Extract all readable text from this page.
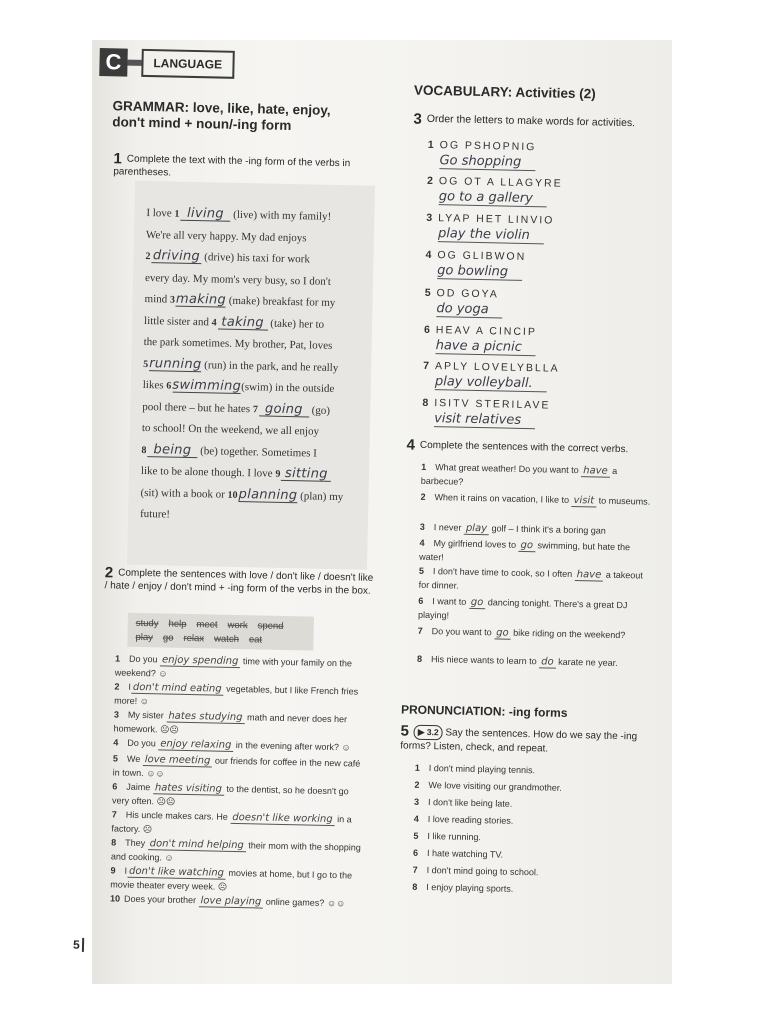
C	LANGUAGE
GRAMMAR: love, like, hate, enjoy,
don't mind + noun/-ing form
1 Complete the text with the -ing form of the verbs in parentheses.
I love 1 living (live) with my family!
We're all very happy. My dad enjoys
2 driving (drive) his taxi for work
every day. My mom's very busy, so I don't
mind 3making (make) breakfast for my
little sister and 4 taking (take) her to
the park sometimes. My brother, Pat, loves
5running (run) in the park, and he really
likes 6swimming(swim) in the outside
pool there – but he hates 7 going (go)
to school! On the weekend, we all enjoy
8 being (be) together. Sometimes I
like to be alone though. I love 9 sitting
(sit) with a book or 10planning (plan) my
future!
2 Complete the sentences with love / don't like / doesn't like / hate / enjoy / don't mind + -ing form of the verbs in the box.
study help meet work spend
play go relax watch eat
1 Do you enjoy spending time with your family on the weekend? ☺
2 I don't mind eating vegetables, but I like French fries more! ☺
3 My sister hates studying math and never does her homework. ☹☹
4 Do you enjoy relaxing in the evening after work? ☺
5 We love meeting our friends for coffee in the new café in town. ☺☺
6 Jaime hates visiting to the dentist, so he doesn't go very often. ☹☹
7 His uncle makes cars. He doesn't like working in a factory. ☹
8 They don't mind helping their mom with the shopping and cooking. ☺
9 I don't like watching movies at home, but I go to the movie theater every week. ☹
10 Does your brother love playing online games? ☺☺
VOCABULARY: Activities (2)
3 Order the letters to make words for activities.
1 OG PSHOPNIG
Go shopping
2 OG OT A LLAGYRE
go to a gallery
3 LYAP HET LINVIO
play the violin
4 OG GLIBWON
go bowling
5 OD GOYA
do yoga
6 HEAV A CINCIP
have a picnic
7 APLY LOVELYBLLA
play volleyball.
8 ISITV STERILAVE
visit relatives
4 Complete the sentences with the correct verbs.
1 What great weather! Do you want to have a barbecue?
2 When it rains on vacation, I like to visit to museums.
3 I never play golf – I think it's a boring gan
4 My girlfriend loves to go swimming, but hate the water!
5 I don't have time to cook, so I often have a takeout for dinner.
6 I want to go dancing tonight. There's a great DJ playing!
7 Do you want to go bike riding on the weekend?
8 His niece wants to learn to do karate ne year.
PRONUNCIATION: -ing forms
5 ▶ 3.2 Say the sentences. How do we say the -ing forms? Listen, check, and repeat.
1 I don't mind playing tennis.
2 We love visiting our grandmother.
3 I don't like being late.
4 I love reading stories.
5 I like running.
6 I hate watching TV.
7 I don't mind going to school.
8 I enjoy playing sports.
5
